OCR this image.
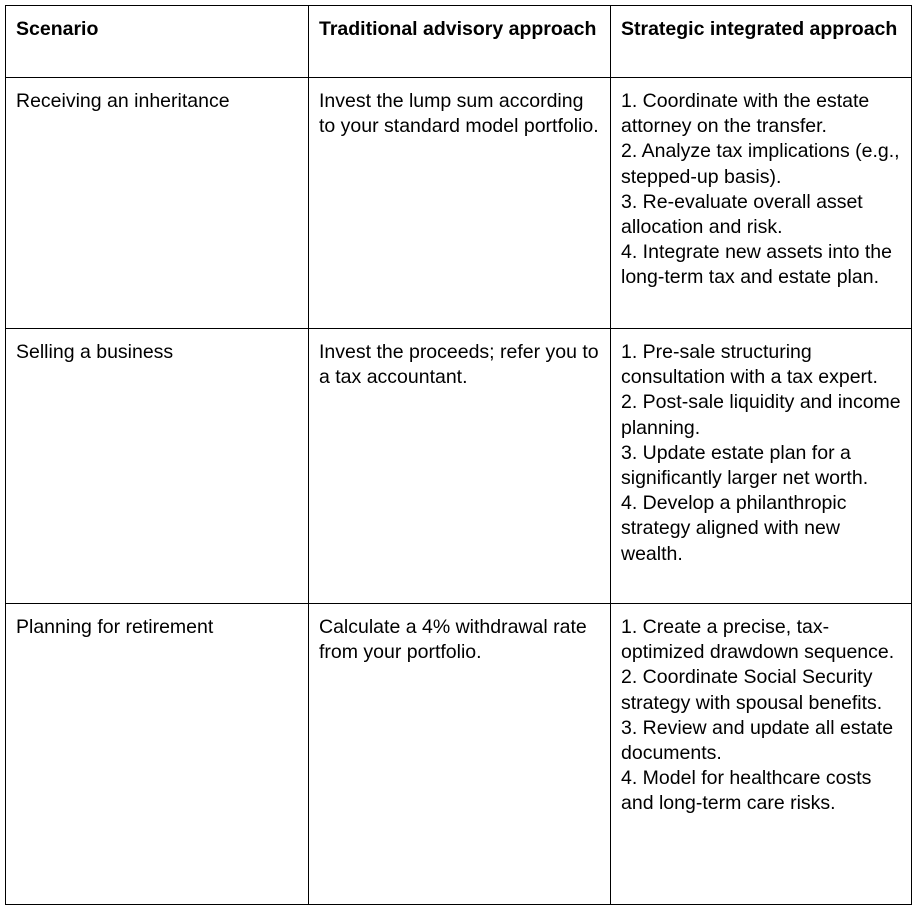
Scenario	Traditional advisory approach	Strategic integrated approach
Receiving an inheritance	Invest the lump sum according to your standard model portfolio.	1. Coordinate with the estate attorney on the transfer.
2. Analyze tax implications (e.g., stepped-up basis).
3. Re-evaluate overall asset allocation and risk.
4. Integrate new assets into the long-term tax and estate plan.

Selling a business	Invest the proceeds; refer you to a tax accountant.	1. Pre-sale structuring consultation with a tax expert.
2. Post-sale liquidity and income planning.
3. Update estate plan for a significantly larger net worth.
4. Develop a philanthropic strategy aligned with new wealth.

Planning for retirement	Calculate a 4% withdrawal rate from your portfolio.	1. Create a precise, tax-optimized drawdown sequence.
2. Coordinate Social Security strategy with spousal benefits.
3. Review and update all estate documents.
4. Model for healthcare costs and long-term care risks.
